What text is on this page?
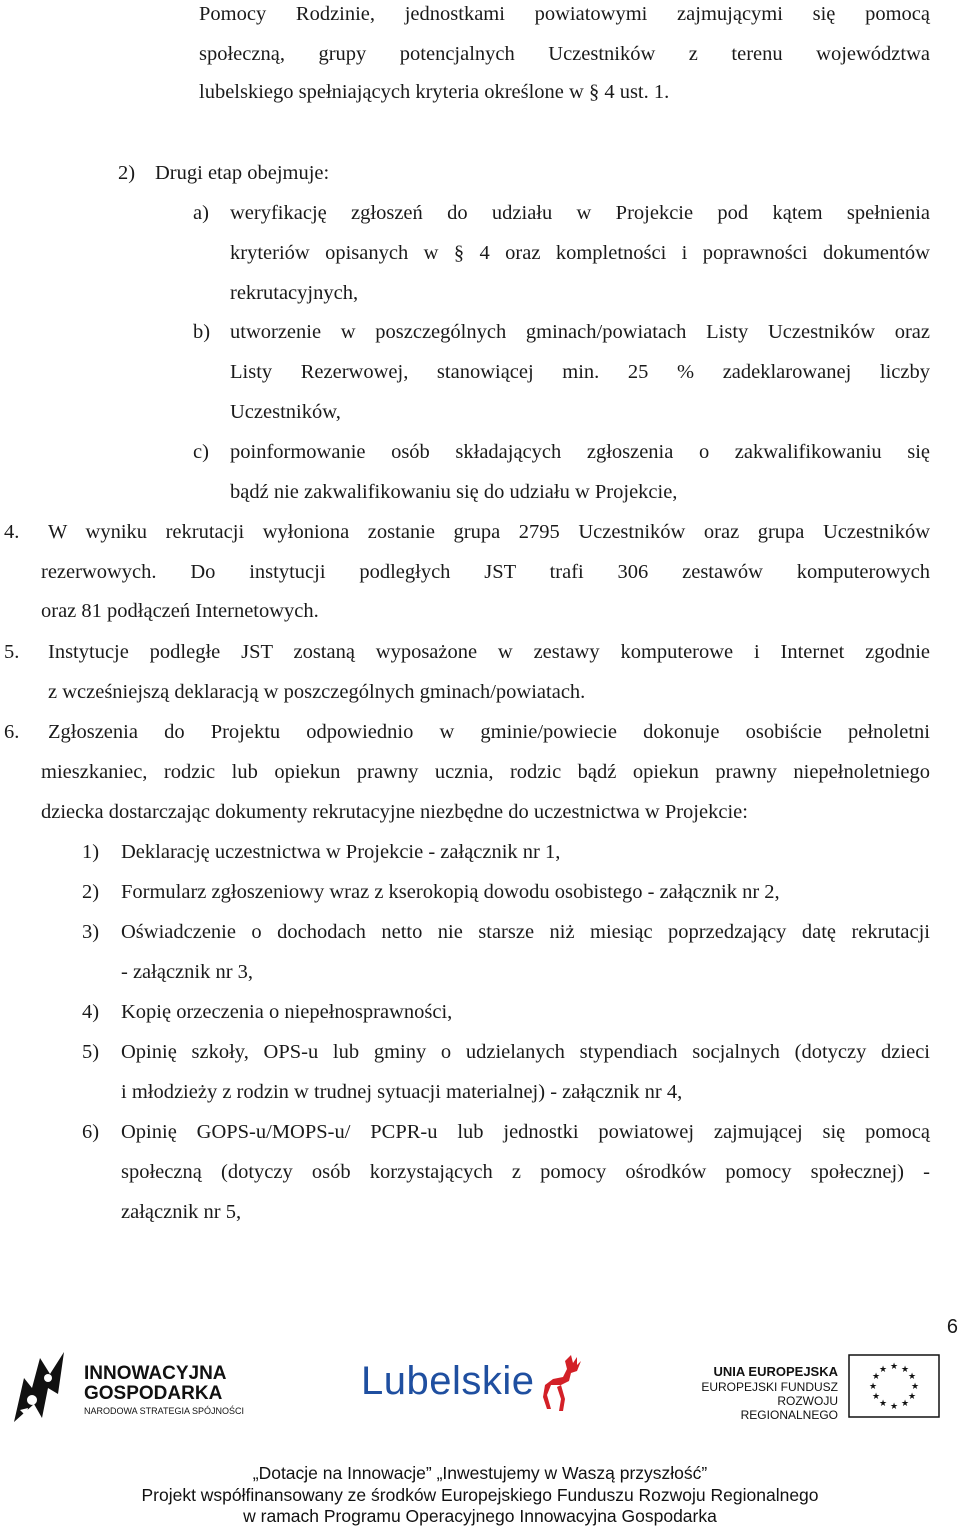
Pomocy Rodzinie, jednostkami powiatowymi zajmującymi się pomocą
społeczną, grupy potencjalnych Uczestników z terenu województwa
lubelskiego spełniających kryteria określone w § 4 ust. 1.
2) Drugi etap obejmuje:
a) weryfikację zgłoszeń do udziału w Projekcie pod kątem spełnienia
kryteriów opisanych w § 4 oraz kompletności i poprawności dokumentów
rekrutacyjnych,
b) utworzenie w poszczególnych gminach/powiatach Listy Uczestników oraz
Listy Rezerwowej, stanowiącej min. 25 % zadeklarowanej liczby
Uczestników,
c) poinformowanie osób składających zgłoszenia o zakwalifikowaniu się
bądź nie zakwalifikowaniu się do udziału w Projekcie,
4. W wyniku rekrutacji wyłoniona zostanie grupa 2795 Uczestników oraz grupa Uczestników
rezerwowych. Do instytucji podległych JST trafi 306 zestawów komputerowych
oraz 81 podłączeń Internetowych.
5. Instytucje podległe JST zostaną wyposażone w zestawy komputerowe i Internet zgodnie
z wcześniejszą deklaracją w poszczególnych gminach/powiatach.
6. Zgłoszenia do Projektu odpowiednio w gminie/powiecie dokonuje osobiście pełnoletni
mieszkaniec, rodzic lub opiekun prawny ucznia, rodzic bądź opiekun prawny niepełnoletniego
dziecka dostarczając dokumenty rekrutacyjne niezbędne do uczestnictwa w Projekcie:
1) Deklarację uczestnictwa w Projekcie - załącznik nr 1,
2) Formularz zgłoszeniowy wraz z kserokopią dowodu osobistego - załącznik nr 2,
3) Oświadczenie o dochodach netto nie starsze niż miesiąc poprzedzający datę rekrutacji
- załącznik nr 3,
4) Kopię orzeczenia o niepełnosprawności,
5) Opinię szkoły, OPS-u lub gminy o udzielanych stypendiach socjalnych (dotyczy dzieci
i młodzieży z rodzin w trudnej sytuacji materialnej) - załącznik nr 4,
6) Opinię GOPS-u/MOPS-u/ PCPR-u lub jednostki powiatowej zajmującej się pomocą
społeczną (dotyczy osób korzystających z pomocy ośrodków pomocy społecznej) -
załącznik nr 5,
6
INNOWACYJNA
GOSPODARKA
NARODOWA STRATEGIA SPÓJNOŚCI
Lubelskie	UNIA EUROPEJSKA
EUROPEJSKI FUNDUSZ
ROZWOJU REGIONALNEGO
★ ★
★
★
★
★
★
★
★
★
★
★
„Dotacje na Innowacje” „Inwestujemy w Waszą przyszłość”
Projekt współfinansowany ze środków Europejskiego Funduszu Rozwoju Regionalnego
w ramach Programu Operacyjnego Innowacyjna Gospodarka
